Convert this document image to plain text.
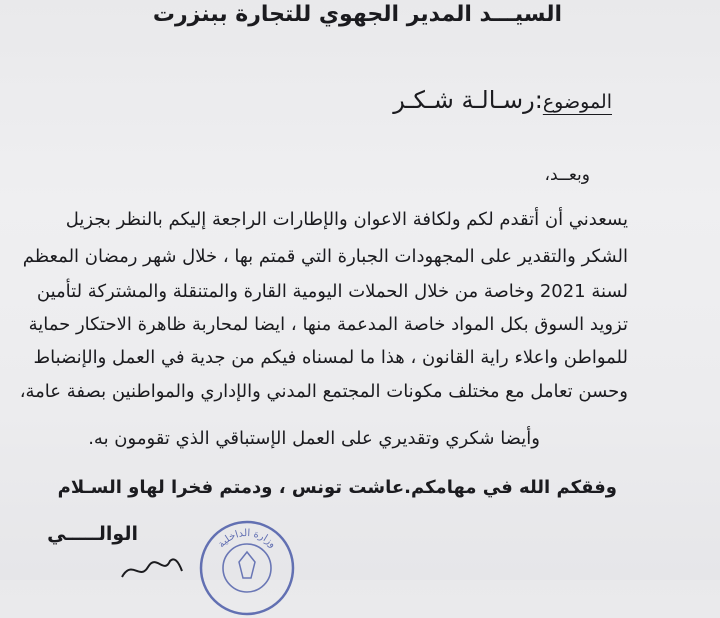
السيـــد المدير الجهوي للتجارة ببنزرت
الموضوع:رسـالـة شـكـر
وبعــد،
يسعدني أن أتقدم لكم ولكافة الاعوان والإطارات الراجعة إليكم بالنظر بجزيل
الشكر والتقدير على المجهودات الجبارة التي قمتم بها ، خلال شهر رمضان المعظم
لسنة 2021 وخاصة من خلال الحملات اليومية القارة والمتنقلة والمشتركة لتأمين
تزويد السوق بكل المواد خاصة المدعمة منها ، ايضا لمحاربة ظاهرة الاحتكار حماية
للمواطن واعلاء راية القانون ، هذا ما لمسناه فيكم من جدية في العمل والإنضباط
وحسن تعامل مع مختلف مكونات المجتمع المدني والإداري والمواطنين بصفة عامة،
وأيضا شكري وتقديري على العمل الإستباقي الذي تقومون به.
وفقكم الله في مهامكم.عاشت تونس ، ودمتم فخرا لهاو السـلام
الوالـــــي	وزارة الداخلية
